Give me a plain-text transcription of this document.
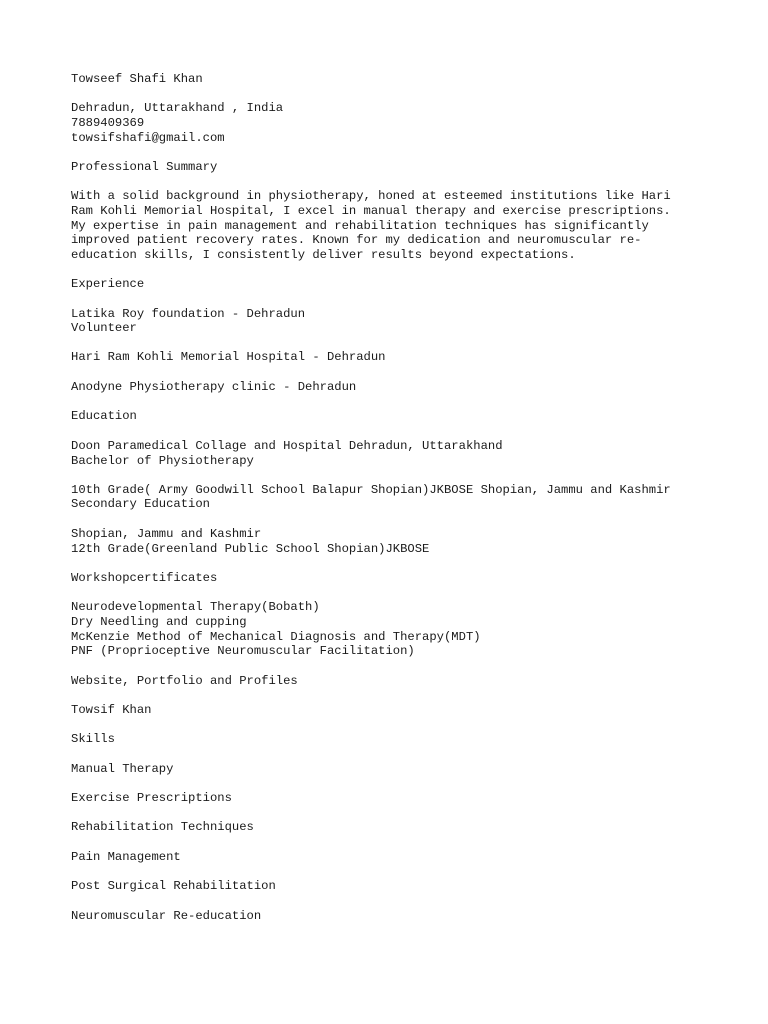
Towseef Shafi Khan
Dehradun, Uttarakhand , India
7889409369
towsifshafi@gmail.com
Professional Summary
With a solid background in physiotherapy, honed at esteemed institutions like Hari
Ram Kohli Memorial Hospital, I excel in manual therapy and exercise prescriptions.
My expertise in pain management and rehabilitation techniques has significantly
improved patient recovery rates. Known for my dedication and neuromuscular re-
education skills, I consistently deliver results beyond expectations.
Experience
Latika Roy foundation - Dehradun
Volunteer
Hari Ram Kohli Memorial Hospital - Dehradun
Anodyne Physiotherapy clinic - Dehradun
Education
Doon Paramedical Collage and Hospital Dehradun, Uttarakhand
Bachelor of Physiotherapy
10th Grade( Army Goodwill School Balapur Shopian)JKBOSE Shopian, Jammu and Kashmir
Secondary Education
Shopian, Jammu and Kashmir
12th Grade(Greenland Public School Shopian)JKBOSE
Workshopcertificates
Neurodevelopmental Therapy(Bobath)
Dry Needling and cupping
McKenzie Method of Mechanical Diagnosis and Therapy(MDT)
PNF (Proprioceptive Neuromuscular Facilitation)
Website, Portfolio and Profiles
Towsif Khan
Skills
Manual Therapy
Exercise Prescriptions
Rehabilitation Techniques
Pain Management
Post Surgical Rehabilitation
Neuromuscular Re-education
